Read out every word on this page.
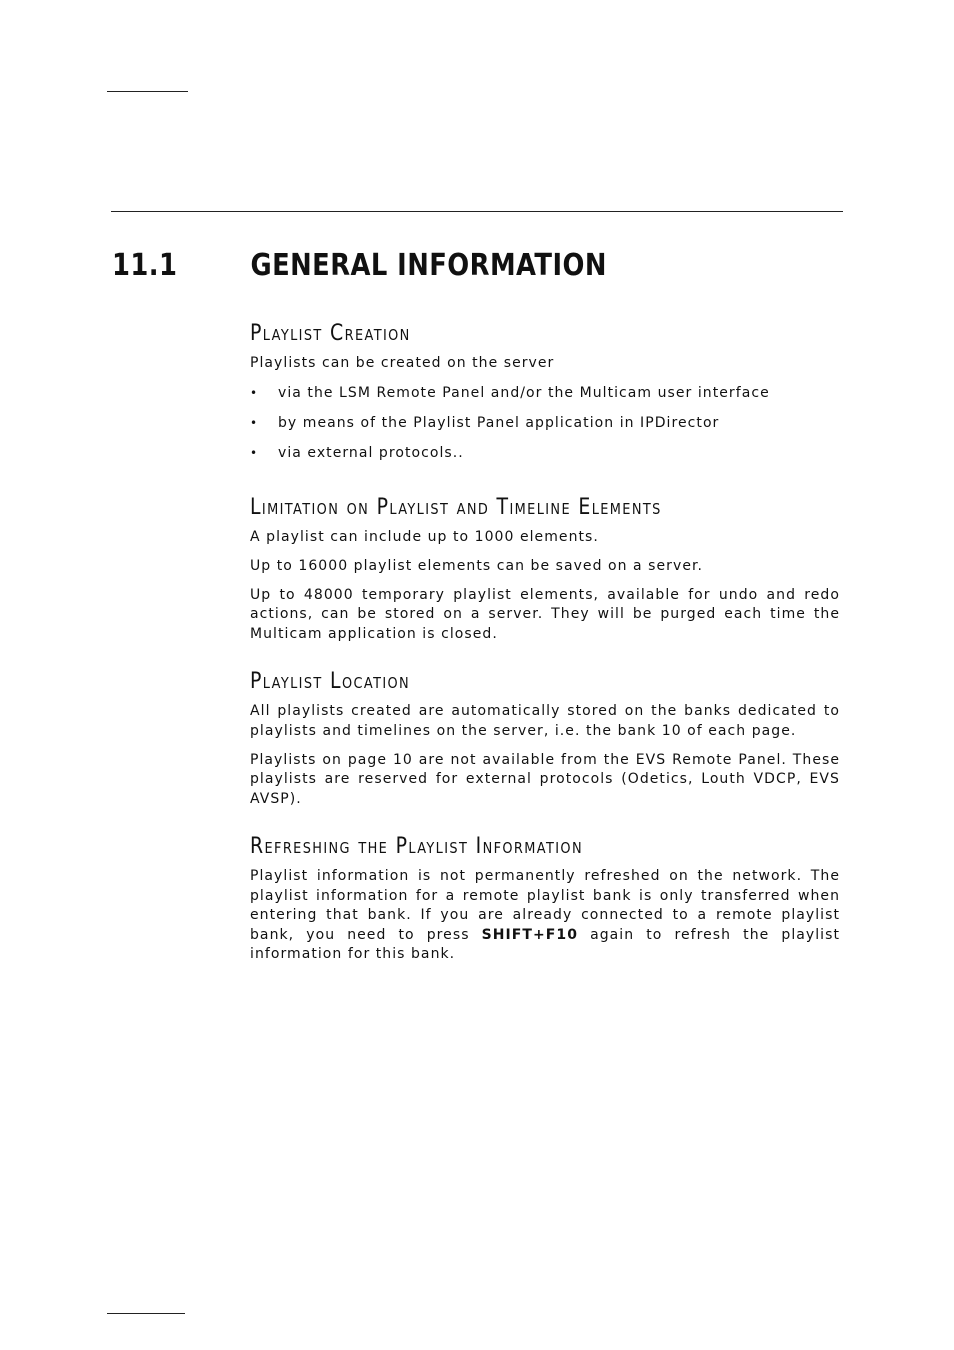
11.1 GENERAL INFORMATION
Playlist Creation

Playlists can be created on the server

• via the LSM Remote Panel and/or the Multicam user interface
• by means of the Playlist Panel application in IPDirector
• via external protocols..
Limitation on Playlist and Timeline Elements

A playlist can include up to 1000 elements.

Up to 16000 playlist elements can be saved on a server.

Up to 48000 temporary playlist elements, available for undo and redo actions, can be stored on a server. They will be purged each time the Multicam application is closed.

Playlist Location

All playlists created are automatically stored on the banks dedicated to playlists and timelines on the server, i.e. the bank 10 of each page.

Playlists on page 10 are not available from the EVS Remote Panel. These playlists are reserved for external protocols (Odetics, Louth VDCP, EVS AVSP).

Refreshing the Playlist Information

Playlist information is not permanently refreshed on the network. The playlist information for a remote playlist bank is only transferred when entering that bank. If you are already connected to a remote playlist bank, you need to press SHIFT+F10 again to refresh the playlist information for this bank.
